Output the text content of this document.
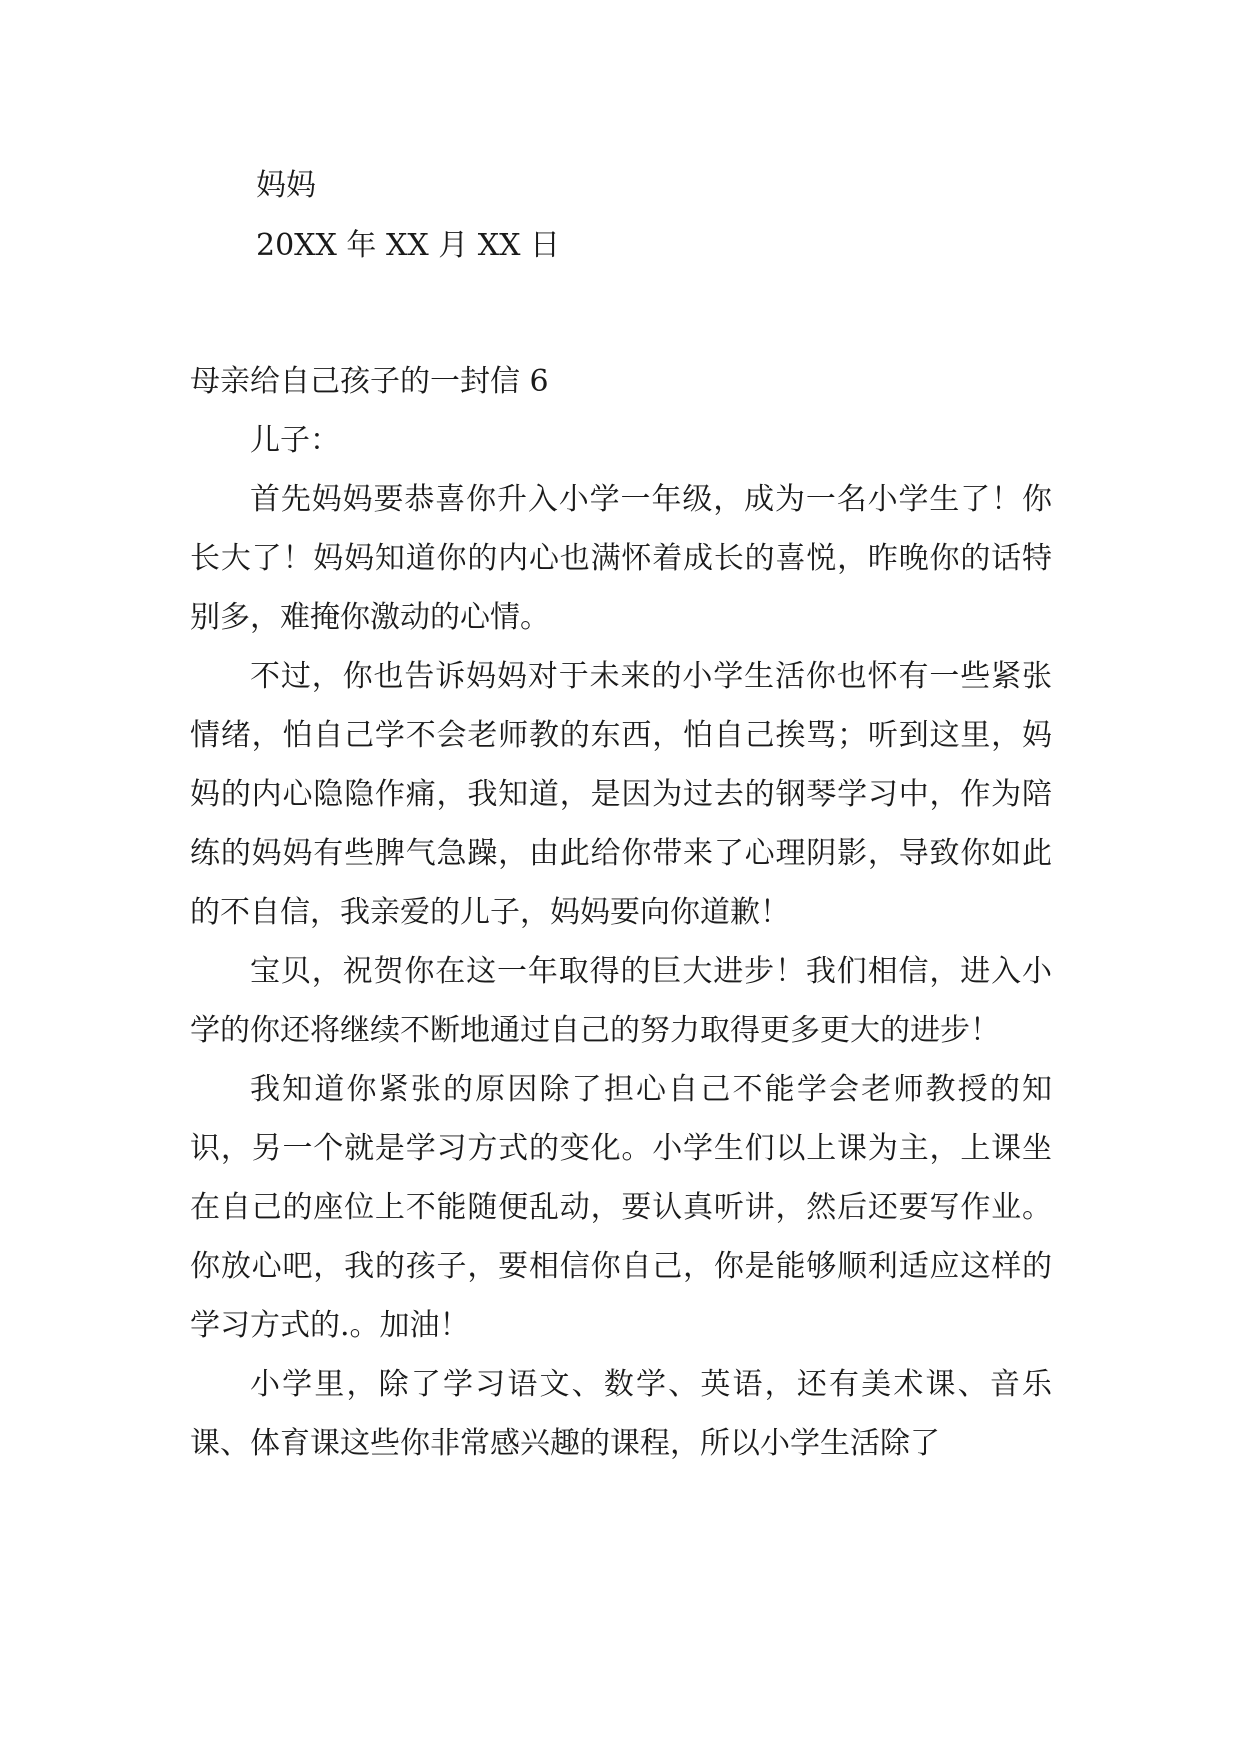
妈妈
20XX 年 XX 月 XX 日
母亲给自己孩子的一封信 6

儿子：

首先妈妈要恭喜你升入小学一年级，成为一名小学生了！你长大了！妈妈知道你的内心也满怀着成长的喜悦，昨晚你的话特别多，难掩你激动的心情。

不过，你也告诉妈妈对于未来的小学生活你也怀有一些紧张情绪，怕自己学不会老师教的东西，怕自己挨骂；听到这里，妈妈的内心隐隐作痛，我知道，是因为过去的钢琴学习中，作为陪练的妈妈有些脾气急躁，由此给你带来了心理阴影，导致你如此的不自信，我亲爱的儿子，妈妈要向你道歉！

宝贝，祝贺你在这一年取得的巨大进步！我们相信，进入小学的你还将继续不断地通过自己的努力取得更多更大的进步！

我知道你紧张的原因除了担心自己不能学会老师教授的知识，另一个就是学习方式的变化。小学生们以上课为主，上课坐在自己的座位上不能随便乱动，要认真听讲，然后还要写作业。你放心吧，我的孩子，要相信你自己，你是能够顺利适应这样的学习方式的.。加油！

小学里，除了学习语文、数学、英语，还有美术课、音乐课、体育课这些你非常感兴趣的课程，所以小学生活除了
